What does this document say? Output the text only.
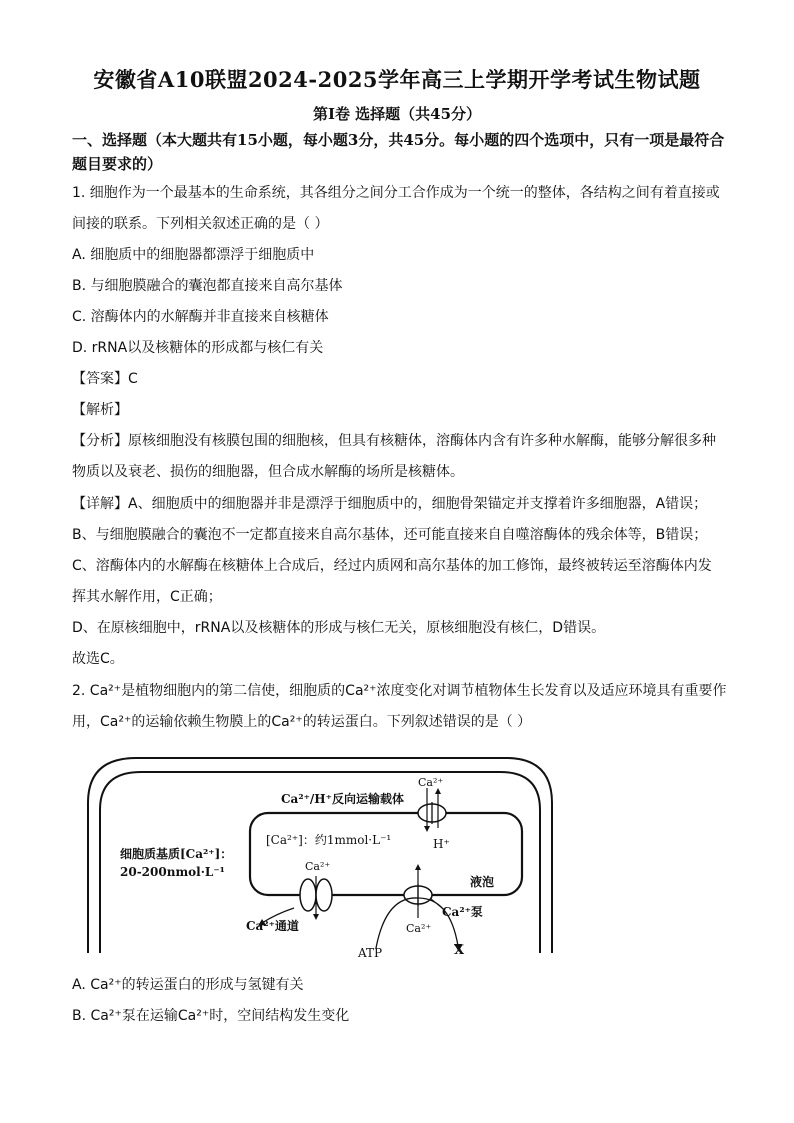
安徽省A10联盟2024-2025学年高三上学期开学考试生物试题
第Ⅰ卷 选择题（共45分）
一、选择题（本大题共有15小题，每小题3分，共45分。每小题的四个选项中，只有一项是最符合题目要求的）
1. 细胞作为一个最基本的生命系统，其各组分之间分工合作成为一个统一的整体，各结构之间有着直接或
间接的联系。下列相关叙述正确的是（ ）
A. 细胞质中的细胞器都漂浮于细胞质中
B. 与细胞膜融合的囊泡都直接来自高尔基体
C. 溶酶体内的水解酶并非直接来自核糖体
D. rRNA以及核糖体的形成都与核仁有关
【答案】C
【解析】
【分析】原核细胞没有核膜包围的细胞核，但具有核糖体，溶酶体内含有许多种水解酶，能够分解很多种
物质以及衰老、损伤的细胞器，但合成水解酶的场所是核糖体。
【详解】A、细胞质中的细胞器并非是漂浮于细胞质中的，细胞骨架锚定并支撑着许多细胞器，A错误；
B、与细胞膜融合的囊泡不一定都直接来自高尔基体，还可能直接来自自噬溶酶体的残余体等，B错误；
C、溶酶体内的水解酶在核糖体上合成后，经过内质网和高尔基体的加工修饰，最终被转运至溶酶体内发
挥其水解作用，C正确；
D、在原核细胞中，rRNA以及核糖体的形成与核仁无关，原核细胞没有核仁，D错误。
故选C。
2. Ca²⁺是植物细胞内的第二信使，细胞质的Ca²⁺浓度变化对调节植物体生长发育以及适应环境具有重要作
用，Ca²⁺的运输依赖生物膜上的Ca²⁺的转运蛋白。下列叙述错误的是（ ）
Ca²⁺
Ca²⁺/H⁺反向运输载体
H⁺
[Ca²⁺]：约1mmol·L⁻¹
细胞质基质[Ca²⁺]：
20-200nmol·L⁻¹	Ca²⁺
Ca²⁺通道
液泡
Ca²⁺泵
Ca²⁺
ATP	X
A. Ca²⁺的转运蛋白的形成与氢键有关
B. Ca²⁺泵在运输Ca²⁺时，空间结构发生变化
